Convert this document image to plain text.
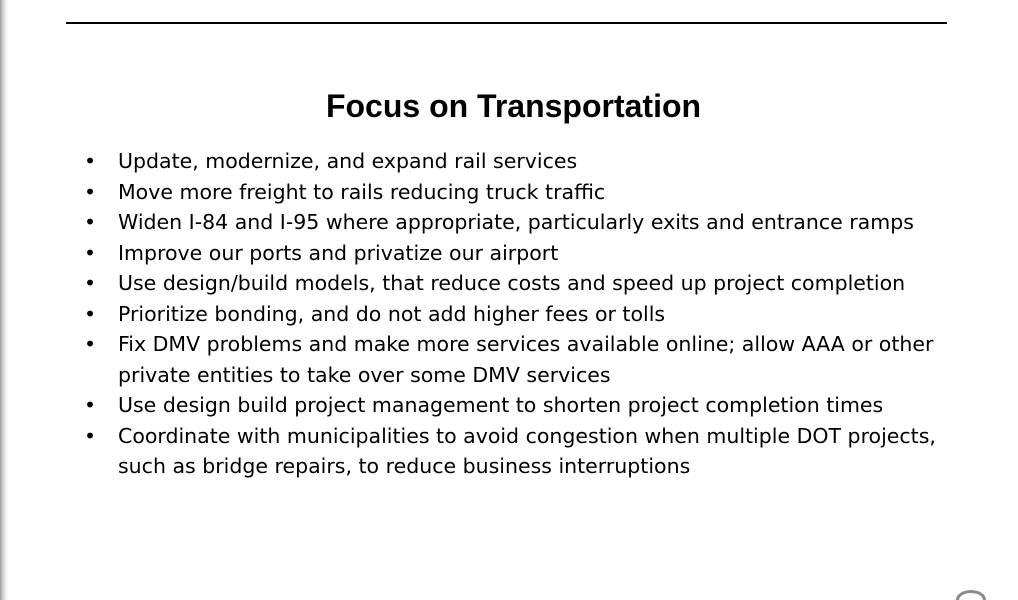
Focus on Transportation
• Update, modernize, and expand rail services
• Move more freight to rails reducing truck traffic
• Widen I-84 and I-95 where appropriate, particularly exits and entrance ramps
• Improve our ports and privatize our airport
• Use design/build models, that reduce costs and speed up project completion
• Prioritize bonding, and do not add higher fees or tolls
• Fix DMV problems and make more services available online; allow AAA or other private entities to take over some DMV services
• Use design build project management to shorten project completion times
• Coordinate with municipalities to avoid congestion when multiple DOT projects, such as bridge repairs, to reduce business interruptions
